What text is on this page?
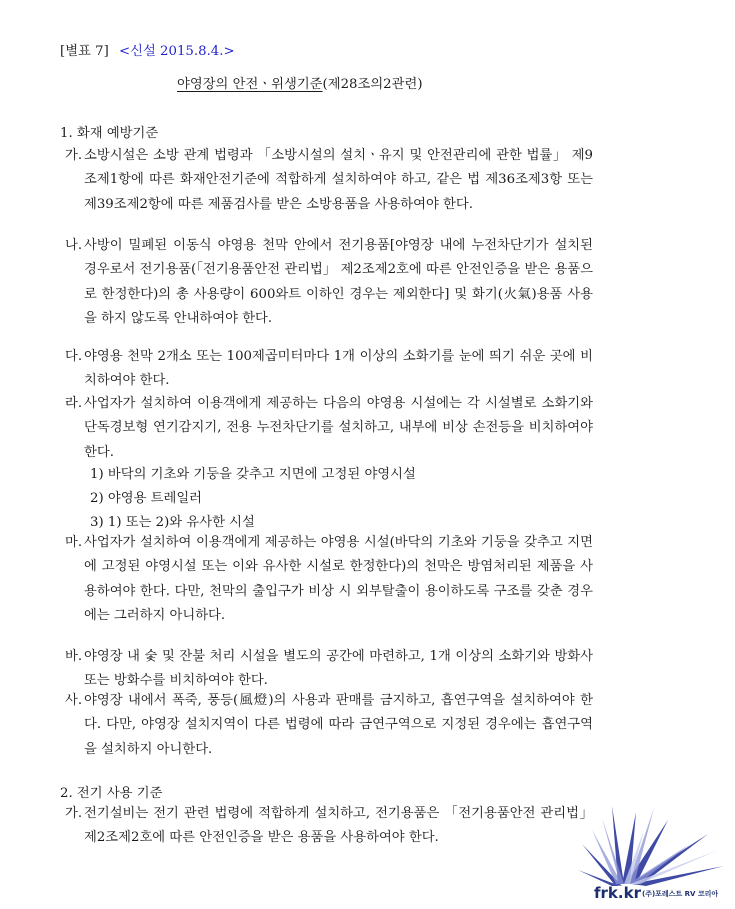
[별표 7] <신설 2015.8.4.>
야영장의 안전ㆍ위생기준(제28조의2관련)
1. 화재 예방기준
가. 소방시설은 소방 관계 법령과 「소방시설의 설치ㆍ유지 및 안전관리에 관한 법률」 제9조제1항에 따른 화재안전기준에 적합하게 설치하여야 하고, 같은 법 제36조제3항 또는 제39조제2항에 따른 제품검사를 받은 소방용품을 사용하여야 한다.
나. 사방이 밀폐된 이동식 야영용 천막 안에서 전기용품[야영장 내에 누전차단기가 설치된 경우로서 전기용품(「전기용품안전 관리법」 제2조제2호에 따른 안전인증을 받은 용품으로 한정한다)의 총 사용량이 600와트 이하인 경우는 제외한다] 및 화기(火氣)용품 사용을 하지 않도록 안내하여야 한다.
다. 야영용 천막 2개소 또는 100제곱미터마다 1개 이상의 소화기를 눈에 띄기 쉬운 곳에 비치하여야 한다.
라. 사업자가 설치하여 이용객에게 제공하는 다음의 야영용 시설에는 각 시설별로 소화기와 단독경보형 연기감지기, 전용 누전차단기를 설치하고, 내부에 비상 손전등을 비치하여야 한다.
1) 바닥의 기초와 기둥을 갖추고 지면에 고정된 야영시설
2) 야영용 트레일러
3) 1) 또는 2)와 유사한 시설
마. 사업자가 설치하여 이용객에게 제공하는 야영용 시설(바닥의 기초와 기둥을 갖추고 지면에 고정된 야영시설 또는 이와 유사한 시설로 한정한다)의 천막은 방염처리된 제품을 사용하여야 한다. 다만, 천막의 출입구가 비상 시 외부탈출이 용이하도록 구조를 갖춘 경우에는 그러하지 아니하다.
바. 야영장 내 숯 및 잔불 처리 시설을 별도의 공간에 마련하고, 1개 이상의 소화기와 방화사 또는 방화수를 비치하여야 한다.
사. 야영장 내에서 폭죽, 풍등(風燈)의 사용과 판매를 금지하고, 흡연구역을 설치하여야 한다. 다만, 야영장 설치지역이 다른 법령에 따라 금연구역으로 지정된 경우에는 흡연구역을 설치하지 아니한다.
2. 전기 사용 기준
가. 전기설비는 전기 관련 법령에 적합하게 설치하고, 전기용품은 「전기용품안전 관리법」 제2조제2호에 따른 안전인증을 받은 용품을 사용하여야 한다.
frk.kr (주)포레스트 RV 코리아
